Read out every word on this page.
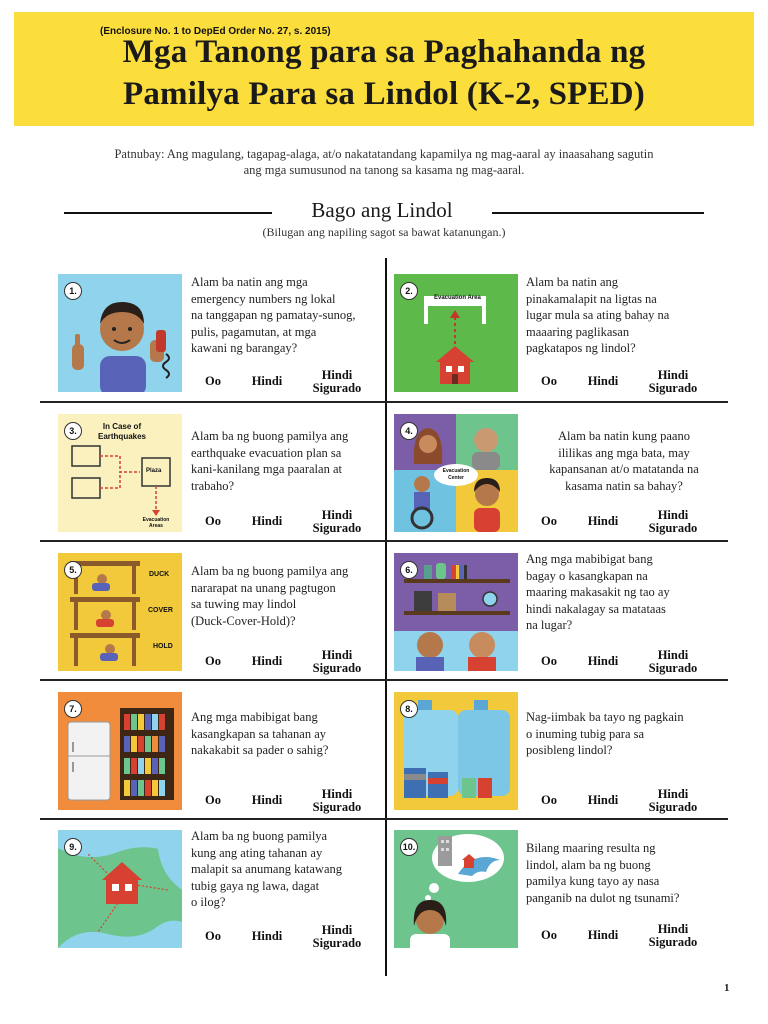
(Enclosure No. 1 to DepEd Order No. 27, s. 2015)
Mga Tanong para sa Paghahanda ng
Pamilya Para sa Lindol (K-2, SPED)
Patnubay: Ang magulang, tagapag-alaga, at/o nakatatandang kapamilya ng mag-aaral ay inaasahang sagutin
ang mga sumusunod na tanong sa kasama ng mag-aaral.
Bago ang Lindol
(Bilugan ang napiling sagot sa bawat katanungan.)
1.
Alam ba natin ang mga
emergency numbers ng lokal
na tanggapan ng pamatay-sunog,
pulis, pagamutan, at mga
kawani ng barangay?
Oo	Hindi	Hindi
Sigurado
Evacuation Area
2.
Alam ba natin ang
pinakamalapit na ligtas na
lugar mula sa ating bahay na
maaaring paglikasan
pagkatapos ng lindol?
Oo	Hindi	Hindi
Sigurado
In Case of
Earthquakes
Plaza
Evacuation
Areas
3.	Alam ba ng buong pamilya ang
earthquake evacuation plan sa
kani-kanilang mga paaralan at
trabaho?
Oo	Hindi	Hindi
Sigurado
Evacuation
Center
4.	Alam ba natin kung paano
ililikas ang mga bata, may
kapansanan at/o matatanda na
kasama natin sa bahay?
Oo	Hindi	Hindi
Sigurado
DUCK
COVER
HOLD
5.	Alam ba ng buong pamilya ang
nararapat na unang pagtugon
sa tuwing may lindol
(Duck-Cover-Hold)?
Oo	Hindi	Hindi
Sigurado
6.
Ang mga mabibigat bang
bagay o kasangkapan na
maaring makasakit ng tao ay
hindi nakalagay sa matataas
na lugar?
Oo	Hindi	Hindi
Sigurado
7.
Ang mga mabibigat bang
kasangkapan sa tahanan ay
nakakabit sa pader o sahig?
Oo	Hindi	Hindi
Sigurado
8.
Nag-iimbak ba tayo ng pagkain
o inuming tubig para sa
posibleng lindol?
Oo	Hindi	Hindi
Sigurado
9.
Alam ba ng buong pamilya
kung ang ating tahanan ay
malapit sa anumang katawang
tubig gaya ng lawa, dagat
o ilog?
Oo	Hindi	Hindi
Sigurado
10.	Bilang maaring resulta ng
lindol, alam ba ng buong
pamilya kung tayo ay nasa
panganib na dulot ng tsunami?
Oo	Hindi	Hindi
Sigurado
1
